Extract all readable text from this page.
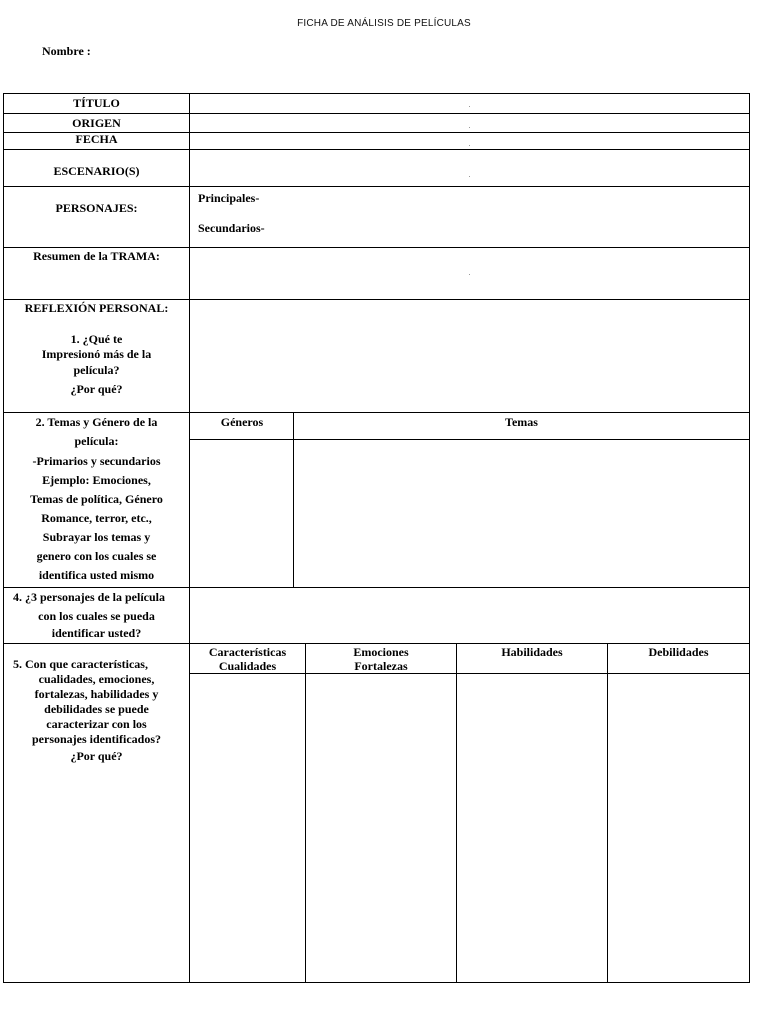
FICHA DE ANÁLISIS DE PELÍCULAS
Nombre :
TÍTULO
ORIGEN
FECHA
ESCENARIO(S)
PERSONAJES:
Principales-
Secundarios-
Resumen de la TRAMA:
REFLEXIÓN PERSONAL:
1. ¿Qué te
Impresionó más de la
película?
¿Por qué?
2. Temas y Género de la
película:
-Primarios y secundarios
Ejemplo: Emociones,
Temas de política, Género
Romance, terror, etc.,
Subrayar los temas y
genero con los cuales se
identifica usted mismo
Géneros	Temas
4. ¿3 personajes de la película
con los cuales se pueda
identificar usted?
5. Con que características,
cualidades, emociones,
fortalezas, habilidades y
debilidades se puede
caracterizar con los
personajes identificados?
¿Por qué?
Características
Cualidades
Emociones
Fortalezas
Habilidades	Debilidades
